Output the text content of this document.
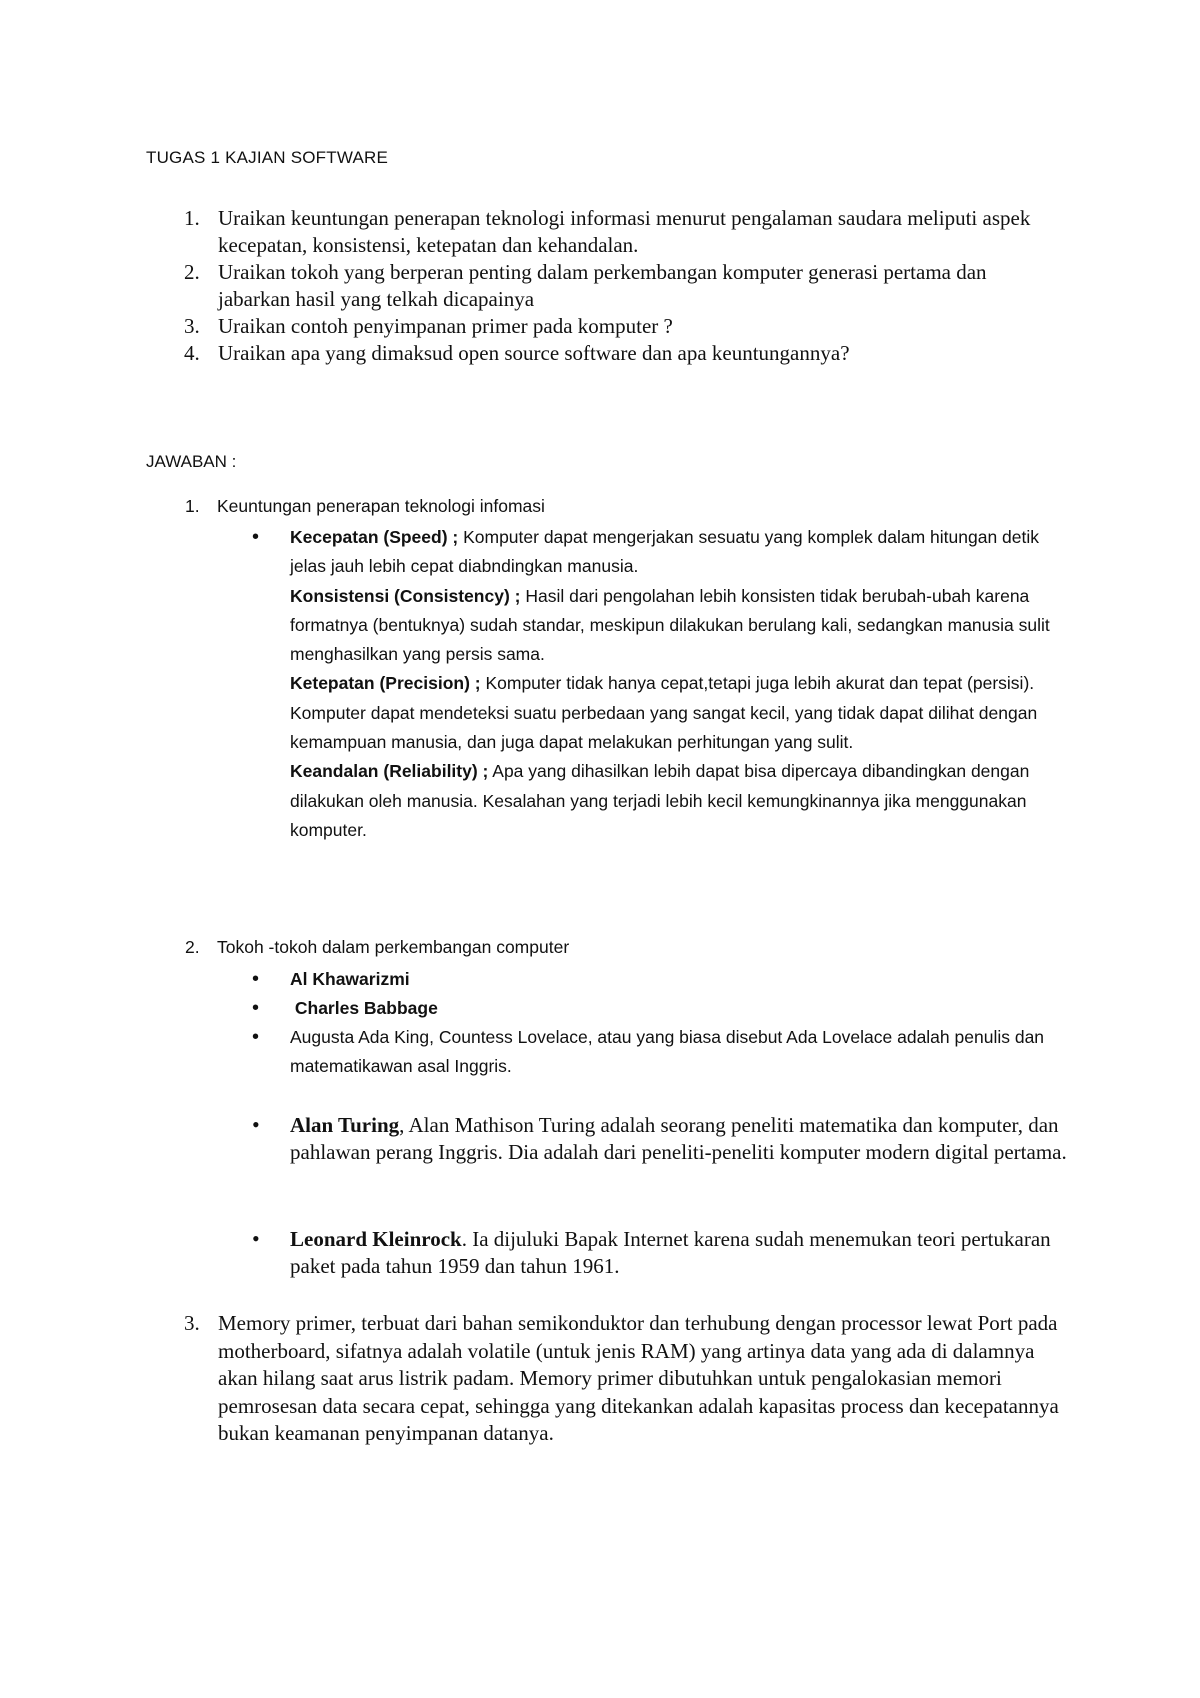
TUGAS 1 KAJIAN SOFTWARE
1. Uraikan keuntungan penerapan teknologi informasi menurut pengalaman saudara meliputi aspek kecepatan, konsistensi, ketepatan dan kehandalan.
2. Uraikan tokoh yang berperan penting dalam perkembangan komputer generasi pertama dan jabarkan hasil yang telkah dicapainya
3. Uraikan contoh penyimpanan primer pada komputer ?
4. Uraikan apa yang dimaksud open source software dan apa keuntungannya?
JAWABAN :
1. Keuntungan penerapan teknologi infomasi
• Kecepatan (Speed) ; Komputer dapat mengerjakan sesuatu yang komplek dalam hitungan detik jelas jauh lebih cepat diabndingkan manusia.
Konsistensi (Consistency) ; Hasil dari pengolahan lebih konsisten tidak berubah-ubah karena formatnya (bentuknya) sudah standar, meskipun dilakukan berulang kali, sedangkan manusia sulit menghasilkan yang persis sama.
Ketepatan (Precision) ; Komputer tidak hanya cepat,tetapi juga lebih akurat dan tepat (persisi). Komputer dapat mendeteksi suatu perbedaan yang sangat kecil, yang tidak dapat dilihat dengan kemampuan manusia, dan juga dapat melakukan perhitungan yang sulit.
Keandalan (Reliability) ; Apa yang dihasilkan lebih dapat bisa dipercaya dibandingkan dengan dilakukan oleh manusia. Kesalahan yang terjadi lebih kecil kemungkinannya jika menggunakan komputer.
2. Tokoh -tokoh dalam perkembangan computer
• Al Khawarizmi
• Charles Babbage
• Augusta Ada King, Countess Lovelace, atau yang biasa disebut Ada Lovelace adalah penulis dan matematikawan asal Inggris.
• Alan Turing, Alan Mathison Turing adalah seorang peneliti matematika dan komputer, dan pahlawan perang Inggris. Dia adalah dari peneliti-peneliti komputer modern digital pertama.
• Leonard Kleinrock. Ia dijuluki Bapak Internet karena sudah menemukan teori pertukaran paket pada tahun 1959 dan tahun 1961.
3. Memory primer, terbuat dari bahan semikonduktor dan terhubung dengan processor lewat Port pada motherboard, sifatnya adalah volatile (untuk jenis RAM) yang artinya data yang ada di dalamnya akan hilang saat arus listrik padam. Memory primer dibutuhkan untuk pengalokasian memori pemrosesan data secara cepat, sehingga yang ditekankan adalah kapasitas process dan kecepatannya bukan keamanan penyimpanan datanya.
